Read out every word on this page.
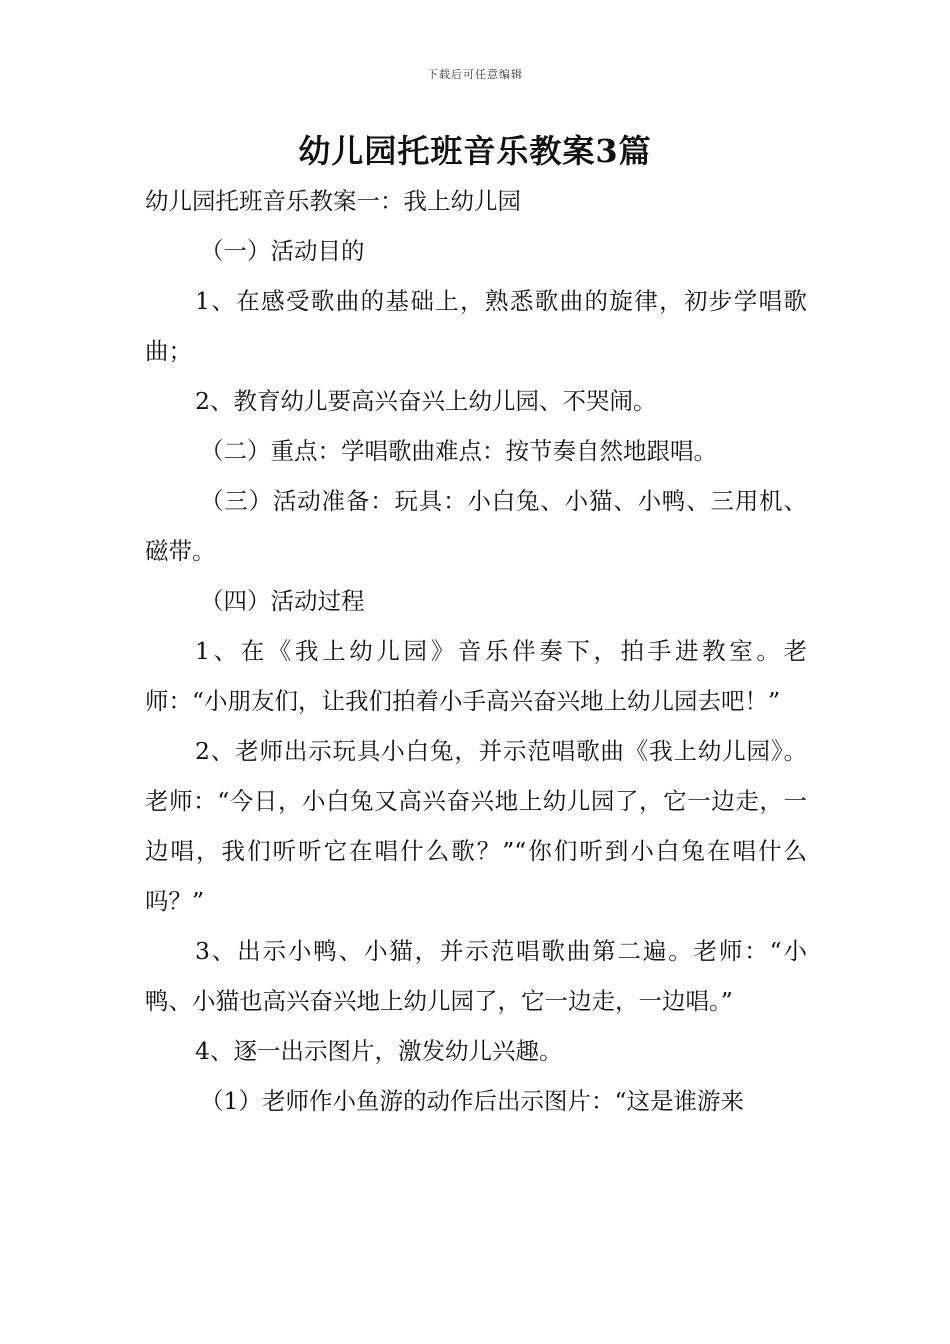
下载后可任意编辑
幼儿园托班音乐教案3篇

幼儿园托班音乐教案一：我上幼儿园

（一）活动目的

1、在感受歌曲的基础上，熟悉歌曲的旋律，初步学唱歌曲；

2、教育幼儿要高兴奋兴上幼儿园、不哭闹。

（二）重点：学唱歌曲难点：按节奏自然地跟唱。

（三）活动准备：玩具：小白兔、小猫、小鸭、三用机、磁带。

（四）活动过程

1、在《我上幼儿园》音乐伴奏下，拍手进教室。老师：“小朋友们，让我们拍着小手高兴奋兴地上幼儿园去吧！”

2、老师出示玩具小白兔，并示范唱歌曲《我上幼儿园》。老师：“今日，小白兔又高兴奋兴地上幼儿园了，它一边走，一边唱，我们听听它在唱什么歌？”“你们听到小白兔在唱什么吗？”

3、出示小鸭、小猫，并示范唱歌曲第二遍。老师：“小鸭、小猫也高兴奋兴地上幼儿园了，它一边走，一边唱。”

4、逐一出示图片，激发幼儿兴趣。

（1）老师作小鱼游的动作后出示图片：“这是谁游来
